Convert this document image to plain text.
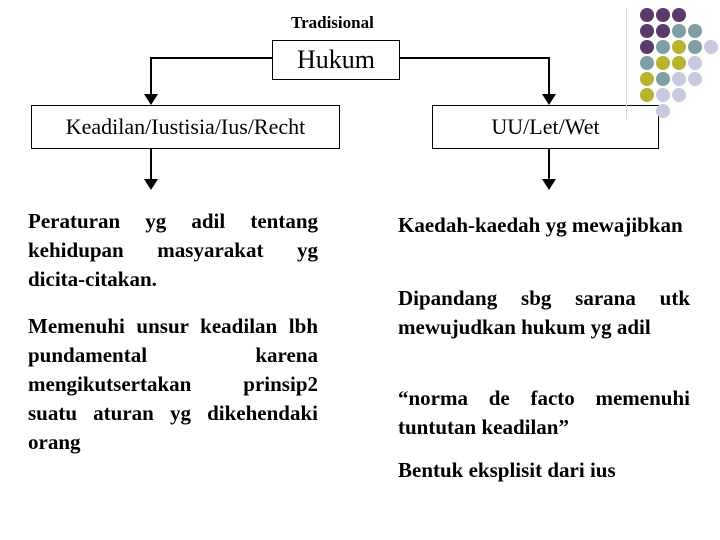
Tradisional
Hukum
Keadilan/Iustisia/Ius/Recht	UU/Let/Wet

Peraturan yg adil tentang kehidupan masyarakat yg dicita-citakan.

Memenuhi unsur keadilan lbh pundamental karena mengikutsertakan prinsip2 suatu aturan yg dikehendaki orang

Kaedah-kaedah yg mewajibkan

Dipandang sbg sarana utk mewujudkan hukum yg adil

“norma de facto memenuhi tuntutan keadilan”

Bentuk eksplisit dari ius
